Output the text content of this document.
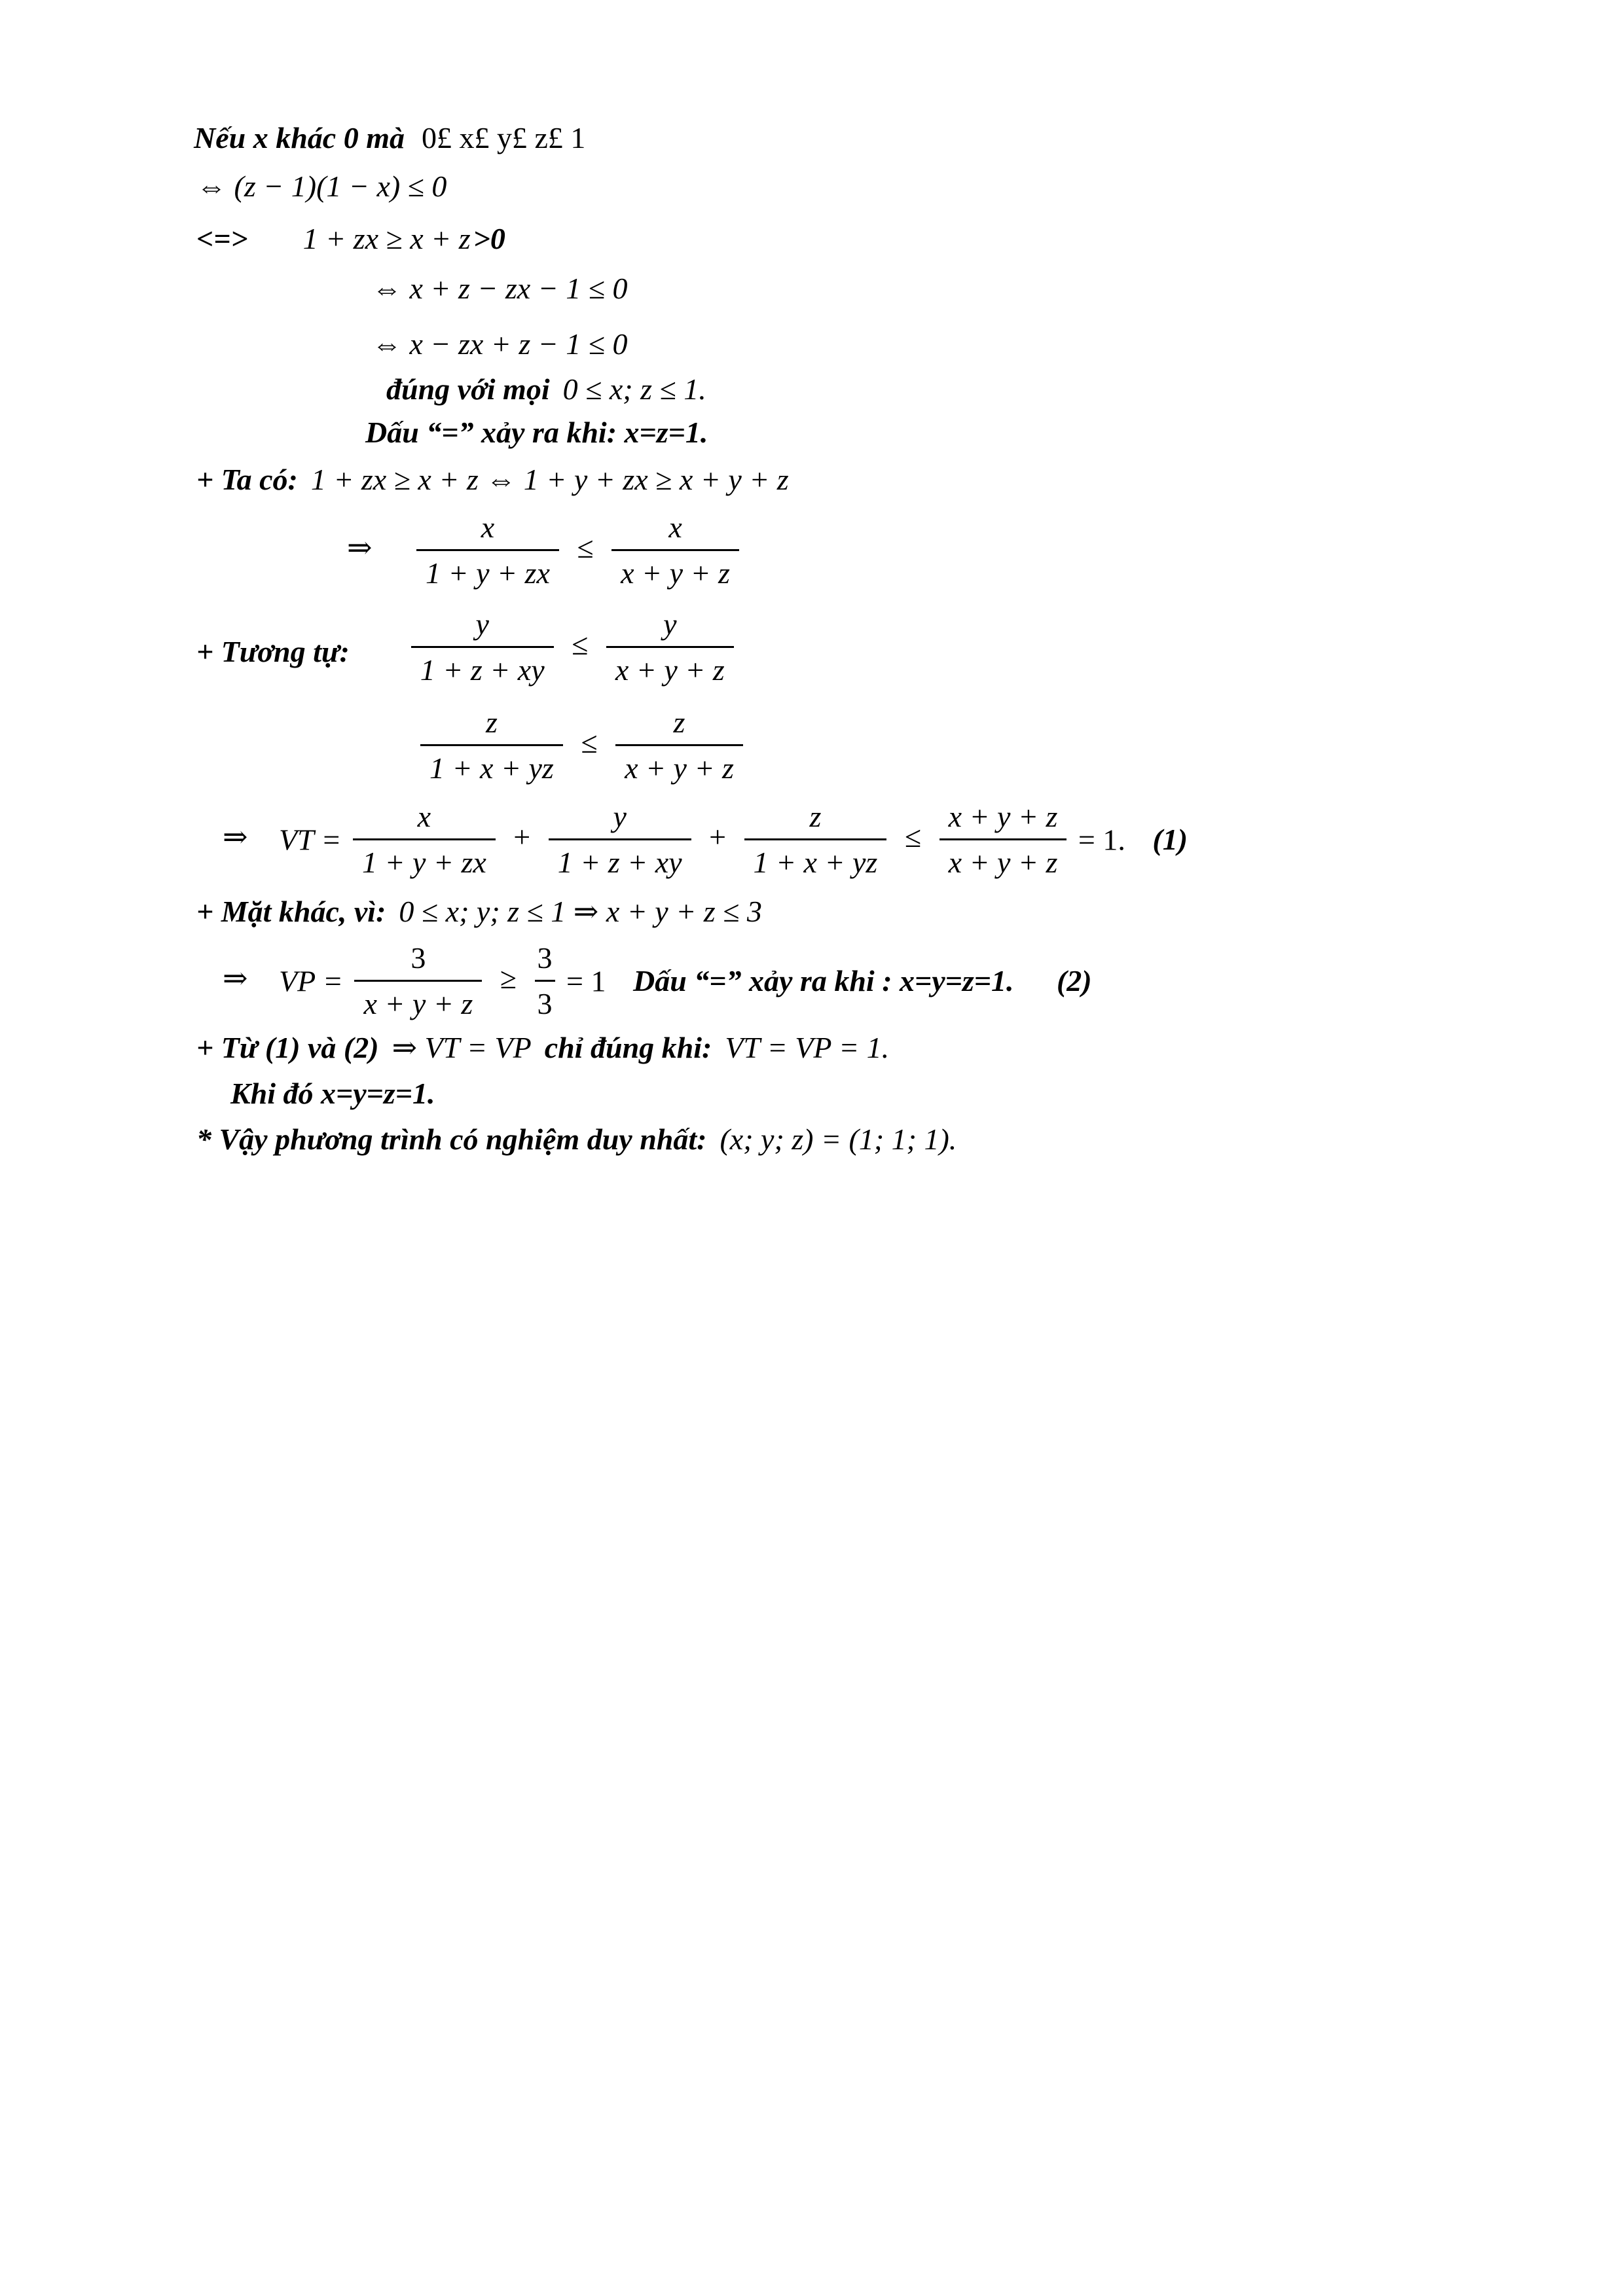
Nếu x khác 0 mà 0£ x£ y£ z£ 1
⇔ (z − 1)(1 − x) ≤ 0
<=> 1 + zx ≥ x + z >0
⇔ x + z − zx − 1 ≤ 0
⇔ x − zx + z − 1 ≤ 0
đúng với mọi 0 ≤ x; z ≤ 1.
Dấu “=” xảy ra khi: x=z=1.
+ Ta có: 1 + zx ≥ x + z ⇔ 1 + y + zx ≥ x + y + z
⇒ $\frac{x}{1 + y + zx} \le \frac{x}{x + y + z}$
+ Tương tự: $\frac{y}{1 + z + xy} \le \frac{y}{x + y + z}$
$\frac{z}{1 + x + yz} \le \frac{z}{x + y + z}$
⇒ VT = $\frac{x}{1 + y + zx} + \frac{y}{1 + z + xy} + \frac{z}{1 + x + yz} \le \frac{x + y + z}{x + y + z} = 1$. (1)
+ Mặt khác, vì: 0 ≤ x; y; z ≤ 1 ⇒ x + y + z ≤ 3
⇒ VP = $\frac{3}{x + y + z} \ge \frac{3}{3} = 1$ Dấu “=” xảy ra khi : x=y=z=1. (2)
+ Từ (1) và (2) ⇒ VT = VP chỉ đúng khi: VT = VP = 1.
Khi đó x=y=z=1.
* Vậy phương trình có nghiệm duy nhất: (x; y; z) = (1; 1; 1).
